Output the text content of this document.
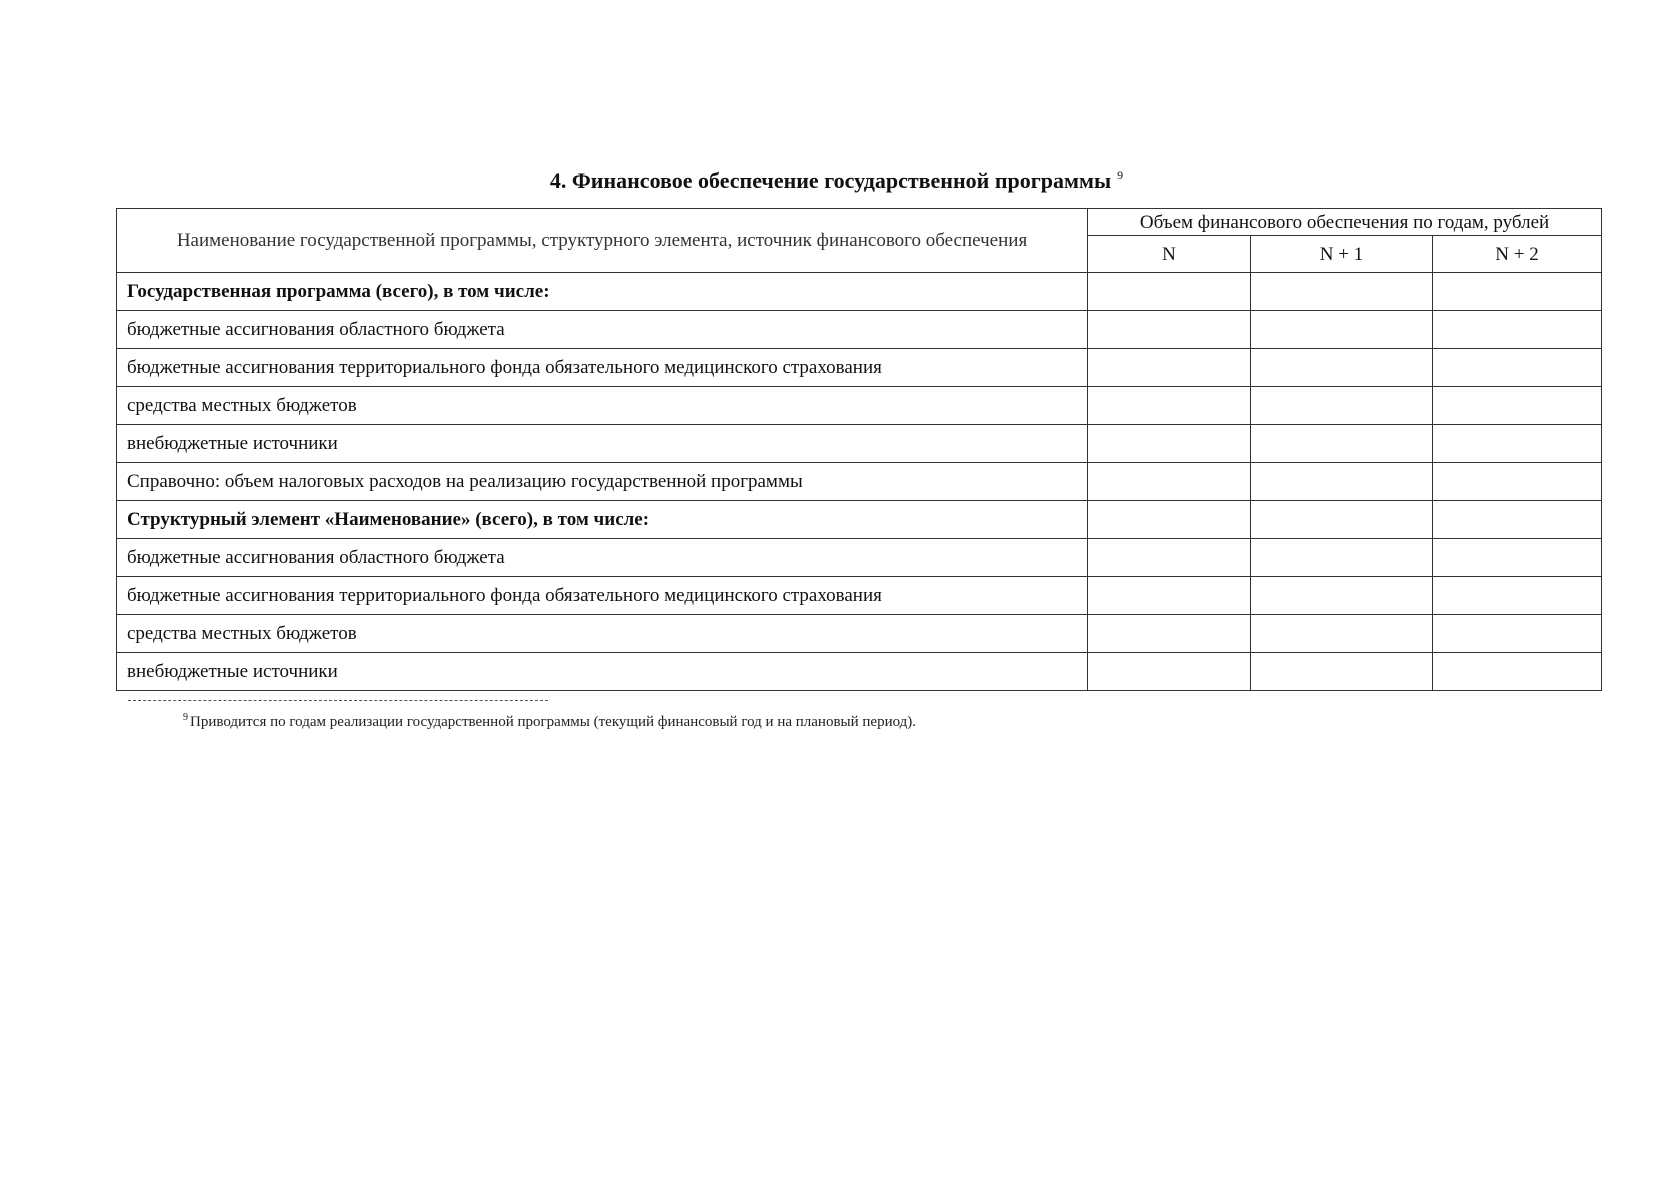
4. Финансовое обеспечение государственной программы $^9$
Наименование государственной программы, структурного элемента, источник финансового обеспечения	Объем финансового обеспечения по годам, рублей		
	N	N + 1	N + 2
Государственная программа (всего), в том числе:			
бюджетные ассигнования областного бюджета			
бюджетные ассигнования территориального фонда обязательного медицинского страхования			
средства местных бюджетов			
внебюджетные источники			
Справочно: объем налоговых расходов на реализацию государственной программы			
Структурный элемент «Наименование» (всего), в том числе:			
бюджетные ассигнования областного бюджета			
бюджетные ассигнования территориального фонда обязательного медицинского страхования			
средства местных бюджетов			
внебюджетные источники			
$^9$ Приводится по годам реализации государственной программы (текущий финансовый год и на плановый период).
